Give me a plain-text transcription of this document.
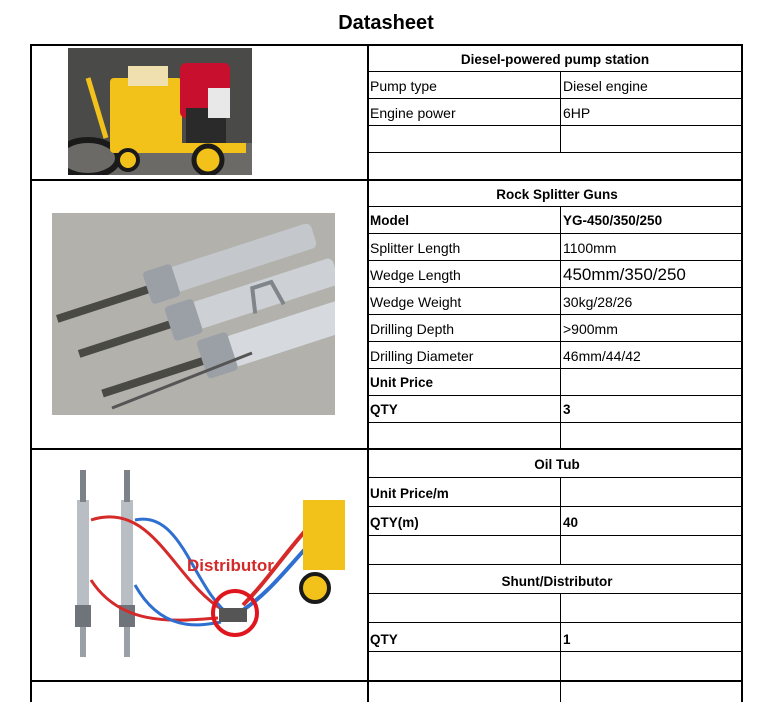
Datasheet
Diesel-powered pump station
Pump type	Diesel engine
Engine power	6HP
Rock Splitter Guns
Model	YG-450/350/250
Splitter Length	1100mm
Wedge Length	450mm/350/250
Wedge Weight	30kg/28/26
Drilling Depth	>900mm
Drilling Diameter	46mm/44/42
Unit Price
QTY	3
Oil Tub
Unit Price/m
QTY(m)	40
Shunt/Distributor
QTY	1
Distributor
